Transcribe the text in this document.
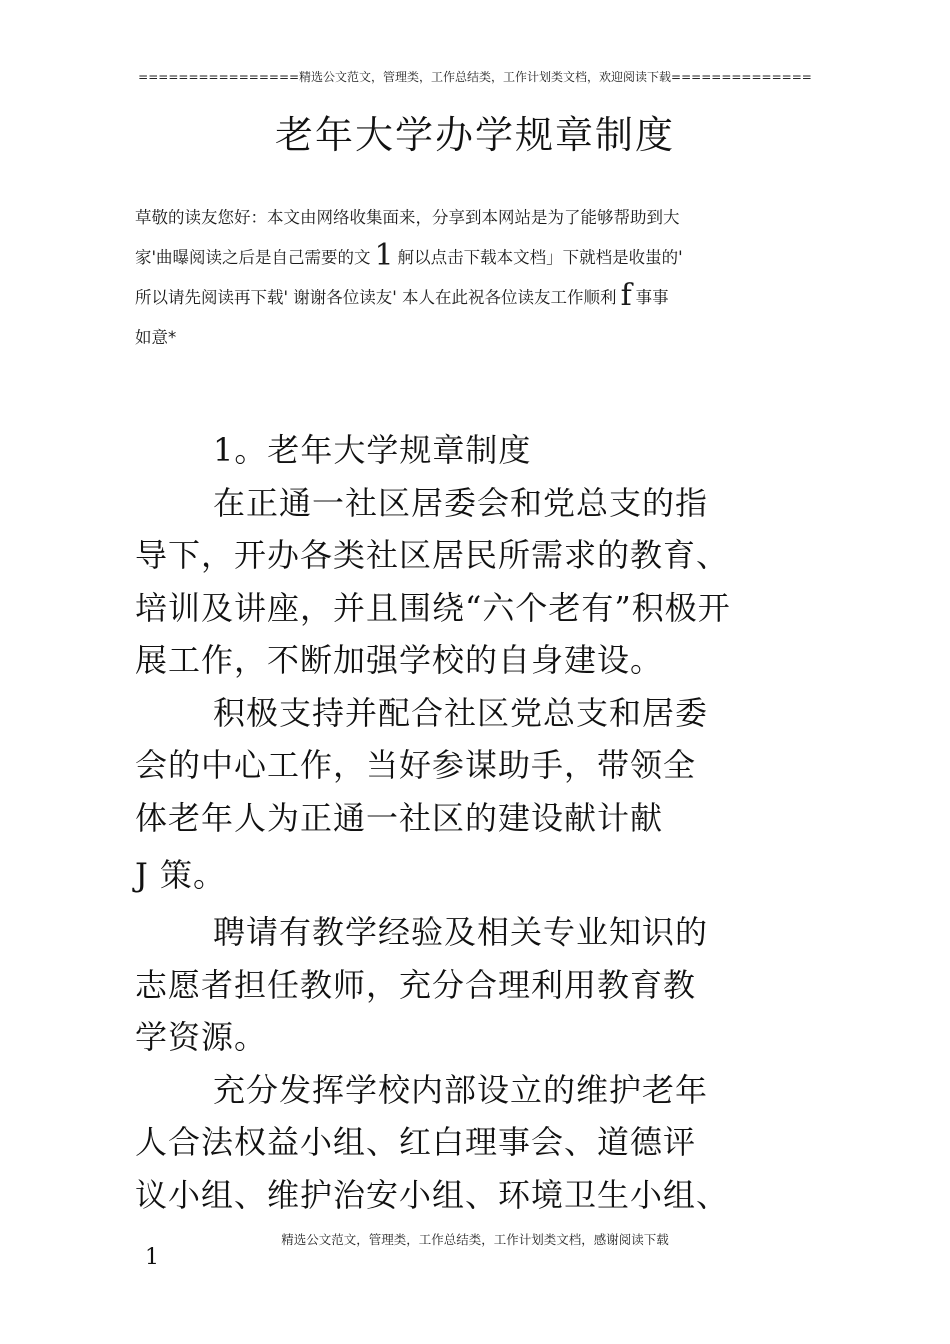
================精选公文范文，管理类，工作总结类，工作计划类文档，欢迎阅读下载==============
老年大学办学规章制度
草敬的读友您好：本文由网络收集面来，分享到本网站是为了能够帮助到大
家'曲曝阅读之后是自己需要的文 1 舸以点击下载本文档」下就档是收蚩的'
所以请先阅读再下载' 谢谢各位读友' 本人在此祝各位读友工作顺利 f 事事
如意*
1。老年大学规章制度
在正通一社区居委会和党总支的指
导下，开办各类社区居民所需求的教育、
培训及讲座，并且围绕“六个老有”积极开
展工作，不断加强学校的自身建设。
积极支持并配合社区党总支和居委
会的中心工作，当好参谋助手，带领全
体老年人为正通一社区的建设献计献
J 策。
聘请有教学经验及相关专业知识的
志愿者担任教师，充分合理利用教育教
学资源。
充分发挥学校内部设立的维护老年
人合法权益小组、红白理事会、道德评
议小组、维护治安小组、环境卫生小组、
精选公文范文，管理类，工作总结类，工作计划类文档，感谢阅读下载
1
